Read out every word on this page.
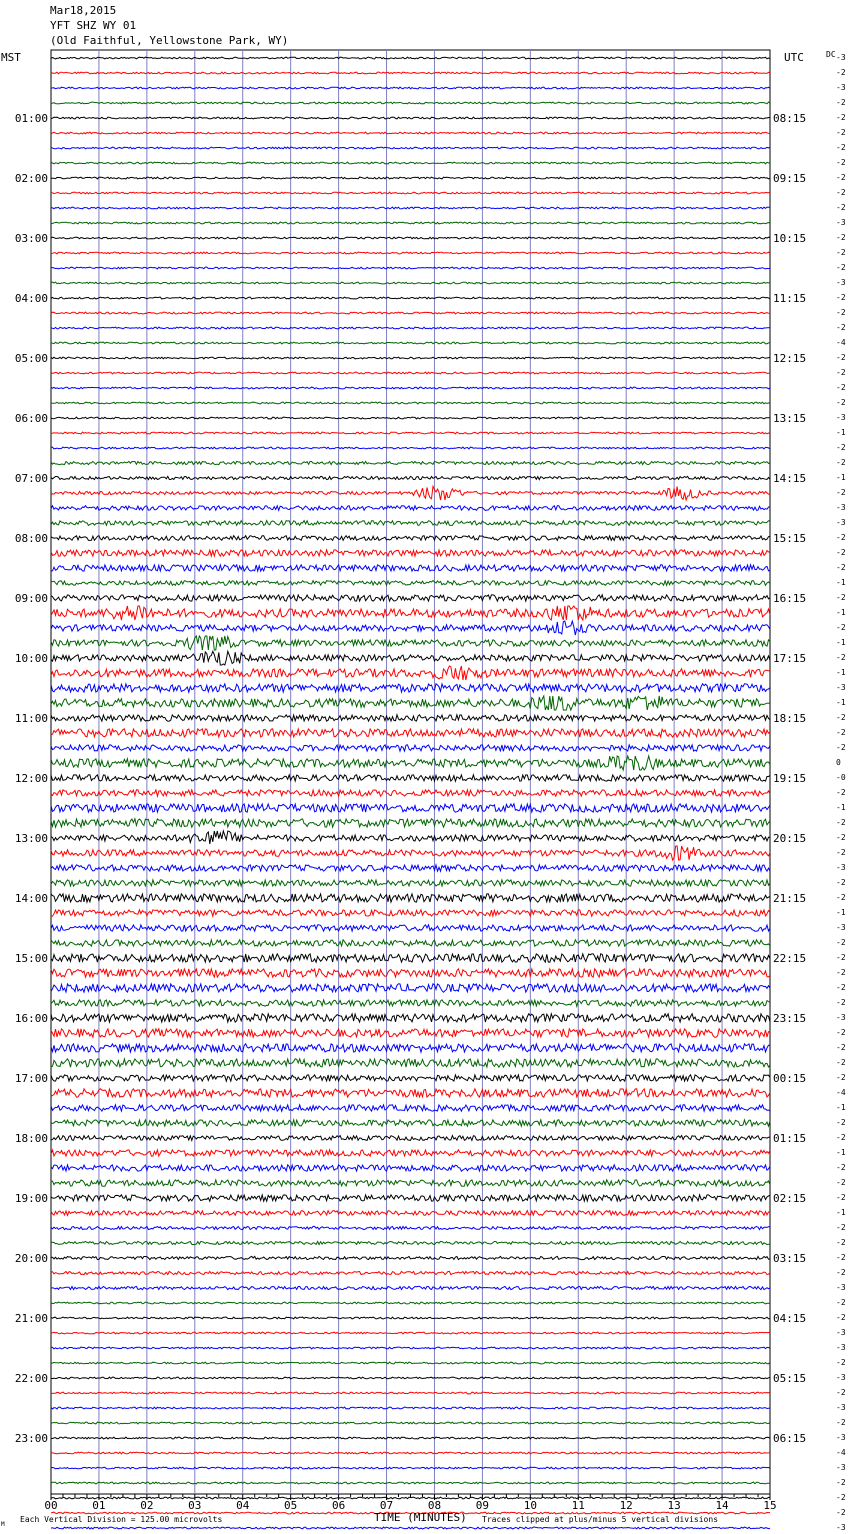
Mar18,2015
YFT SHZ WY 01
(Old Faithful, Yellowstone Park, WY)
00	01	02	03	04	05	06	07	08	09	10	11	12	13	14	15
MST	UTC	DC -3
-2
-3
-2
01:00	08:15	-2
-2
-2
-2
02:00	09:15	-2
-2
-2
-3
03:00	10:15	-2
-2
-2
-3
04:00	11:15	-2
-2
-2
-4
05:00	12:15	-2
-2
-2
-2
06:00	13:15	-3
-1
-2
-2
07:00	14:15	-1
-2
-3
-3
08:00	15:15	-2
-2
-2
-1
09:00	16:15	-2
-1
-2
-1
10:00	17:15	-2
-1
-3
-1
11:00	18:15	-2
-2
-2
0
12:00	19:15	-0
-2
-1
-2
13:00	20:15	-2
-2
-3
-2
14:00	21:15	-2
-1
-3
-2
15:00	22:15	-2
-2
-2
-2
16:00	23:15	-3
-2
-2
-2
17:00	00:15	-2
-4
-1
-2
18:00	01:15	-2
-1
-2
-2
19:00	02:15	-2
-1
-2
-2
20:00	03:15	-2
-2
-3
-2
21:00	04:15	-2
-3
-3
-2
22:00	05:15	-3
-2
-3
-2
23:00	06:15	-3
-4
-3
-2
-2
-2
-3
M
Each Vertical Division = 125.00 microvolts	TIME (MINUTES) Traces clipped at plus/minus 5 vertical divisions
